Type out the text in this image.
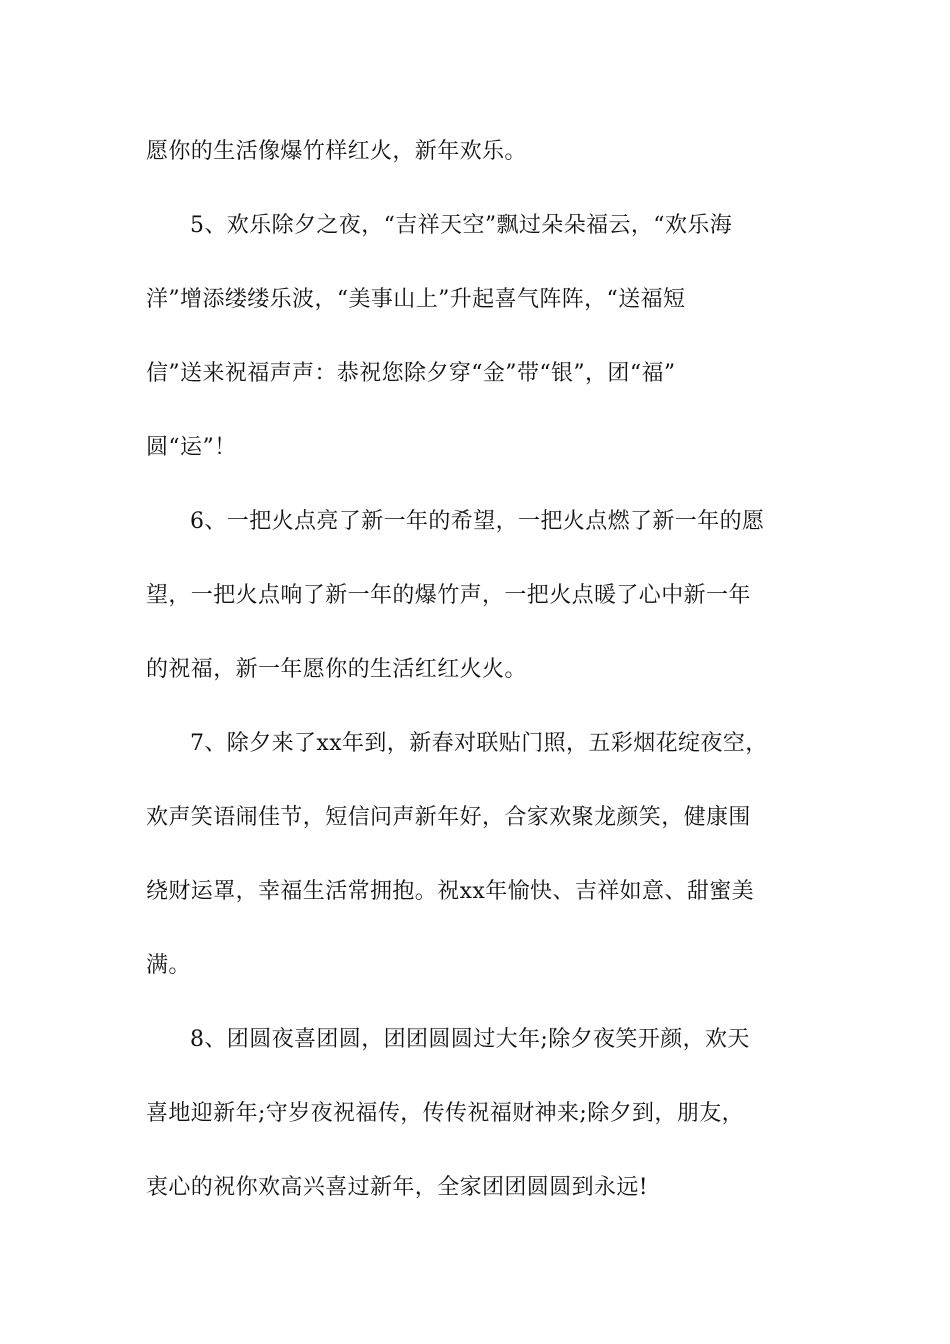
愿你的生活像爆竹样红火，新年欢乐。

5、欢乐除夕之夜，“吉祥天空”飘过朵朵福云，“欢乐海

洋”增添缕缕乐波，“美事山上”升起喜气阵阵，“送福短

信”送来祝福声声：恭祝您除夕穿“金”带“银”，团“福”

圆“运”！

6、一把火点亮了新一年的希望，一把火点燃了新一年的愿

望，一把火点响了新一年的爆竹声，一把火点暖了心中新一年

的祝福，新一年愿你的生活红红火火。

7、除夕来了xx年到，新春对联贴门照，五彩烟花绽夜空，

欢声笑语闹佳节，短信问声新年好，合家欢聚龙颜笑，健康围

绕财运罩，幸福生活常拥抱。祝xx年愉快、吉祥如意、甜蜜美

满。

8、团圆夜喜团圆，团团圆圆过大年;除夕夜笑开颜，欢天

喜地迎新年;守岁夜祝福传，传传祝福财神来;除夕到，朋友，

衷心的祝你欢高兴喜过新年，全家团团圆圆到永远!
